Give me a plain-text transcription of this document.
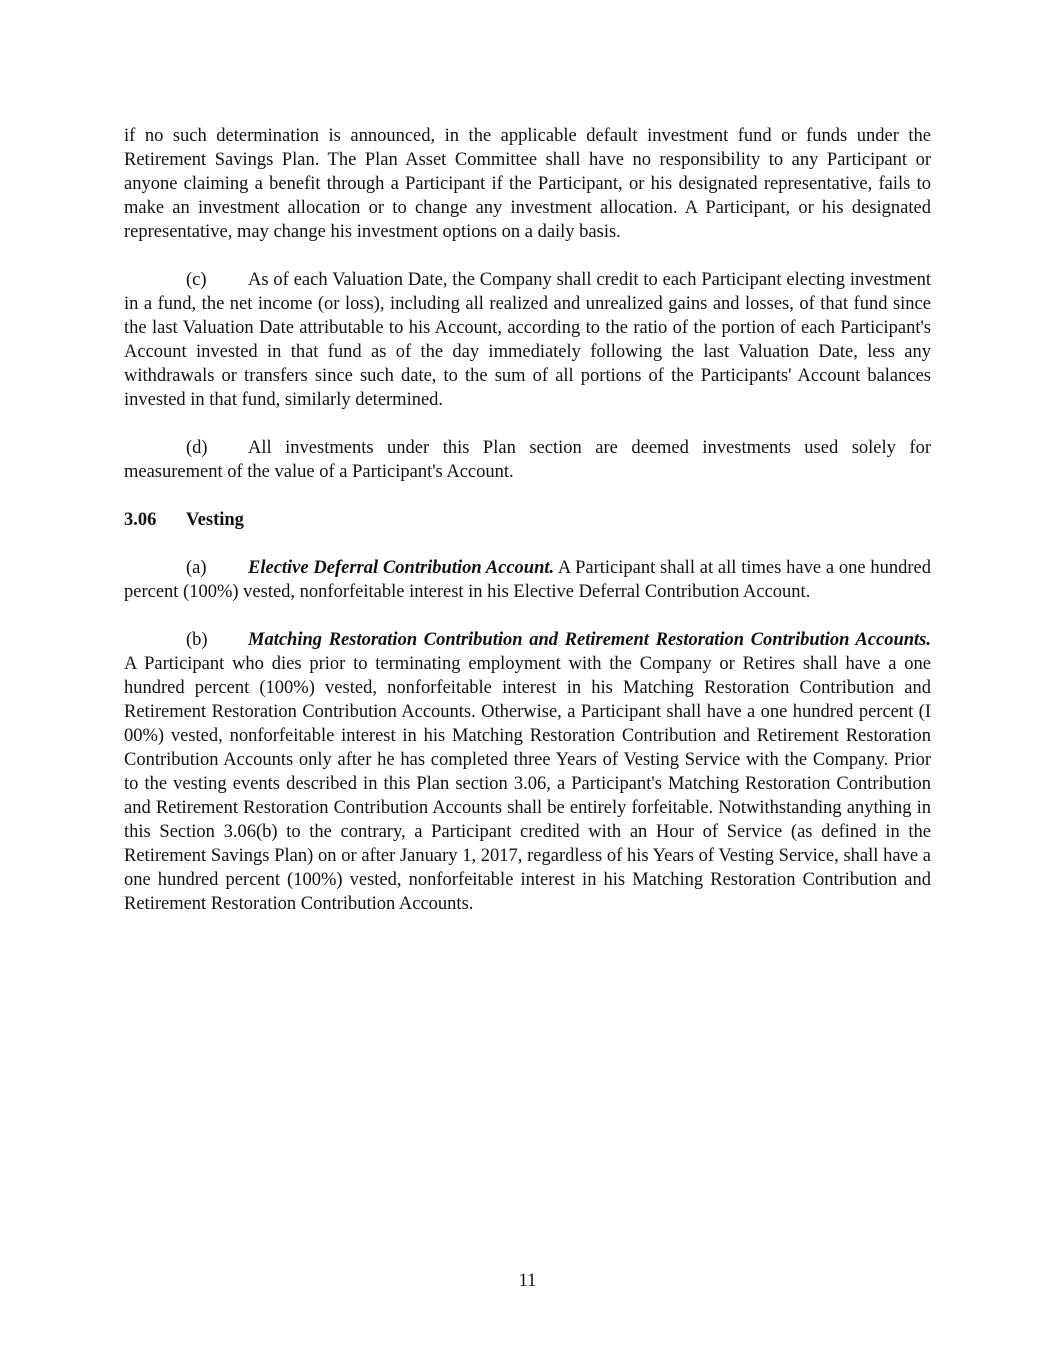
if no such determination is announced, in the applicable default investment fund or funds under the Retirement Savings Plan. The Plan Asset Committee shall have no responsibility to any Participant or anyone claiming a benefit through a Participant if the Participant, or his designated representative, fails to make an investment allocation or to change any investment allocation. A Participant, or his designated representative, may change his investment options on a daily basis.

(c) As of each Valuation Date, the Company shall credit to each Participant electing investment in a fund, the net income (or loss), including all realized and unrealized gains and losses, of that fund since the last Valuation Date attributable to his Account, according to the ratio of the portion of each Participant's Account invested in that fund as of the day immediately following the last Valuation Date, less any withdrawals or transfers since such date, to the sum of all portions of the Participants' Account balances invested in that fund, similarly determined.

(d) All investments under this Plan section are deemed investments used solely for measurement of the value of a Participant's Account.

3.06 Vesting

(a) Elective Deferral Contribution Account. A Participant shall at all times have a one hundred percent (100%) vested, nonforfeitable interest in his Elective Deferral Contribution Account.

(b) Matching Restoration Contribution and Retirement Restoration Contribution Accounts. A Participant who dies prior to terminating employment with the Company or Retires shall have a one hundred percent (100%) vested, nonforfeitable interest in his Matching Restoration Contribution and Retirement Restoration Contribution Accounts. Otherwise, a Participant shall have a one hundred percent (I 00%) vested, nonforfeitable interest in his Matching Restoration Contribution and Retirement Restoration Contribution Accounts only after he has completed three Years of Vesting Service with the Company. Prior to the vesting events described in this Plan section 3.06, a Participant's Matching Restoration Contribution and Retirement Restoration Contribution Accounts shall be entirely forfeitable. Notwithstanding anything in this Section 3.06(b) to the contrary, a Participant credited with an Hour of Service (as defined in the Retirement Savings Plan) on or after January 1, 2017, regardless of his Years of Vesting Service, shall have a one hundred percent (100%) vested, nonforfeitable interest in his Matching Restoration Contribution and Retirement Restoration Contribution Accounts.

11
